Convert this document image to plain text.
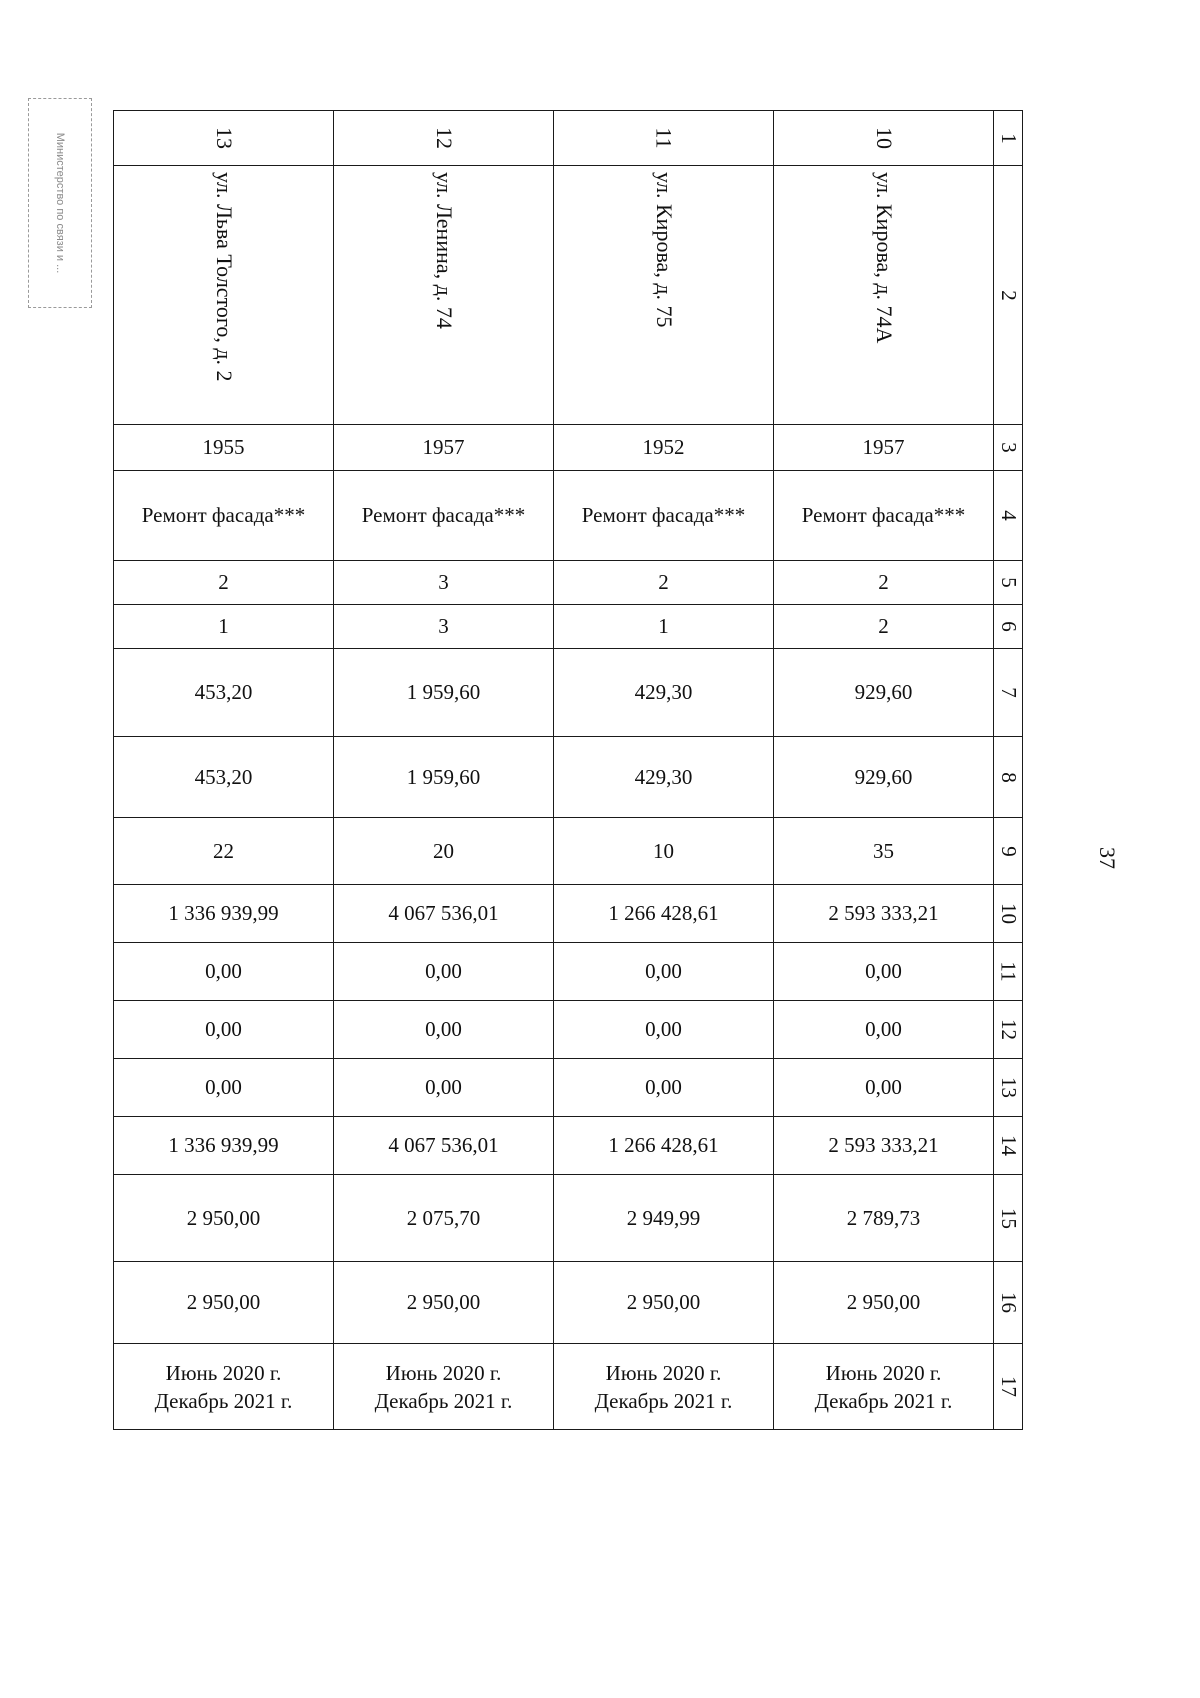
Министерство по связи и ...
37
13	12	11	10	1

ул. Льва Толстого, д. 2	ул. Ленина, д. 74	ул. Кирова, д. 75	ул. Кирова, д. 74А	2
1955	1957	1952	1957	3
Ремонт фасада***	Ремонт фасада***	Ремонт фасада***	Ремонт фасада***	4
2	3	2	2	5
1	3	1	2	6
453,20	1 959,60	429,30	929,60	7
453,20	1 959,60	429,30	929,60	8
22	20	10	35	9
1 336 939,99	4 067 536,01	1 266 428,61	2 593 333,21	10
0,00	0,00	0,00	0,00	11
0,00	0,00	0,00	0,00	12
0,00	0,00	0,00	0,00	13
1 336 939,99	4 067 536,01	1 266 428,61	2 593 333,21	14
2 950,00	2 075,70	2 949,99	2 789,73	15
2 950,00	2 950,00	2 950,00	2 950,00	16

Июнь 2020 г.
Декабрь 2021 г.	Июнь 2020 г.
Декабрь 2021 г.	Июнь 2020 г.
Декабрь 2021 г.	Июнь 2020 г.
Декабрь 2021 г.	17
